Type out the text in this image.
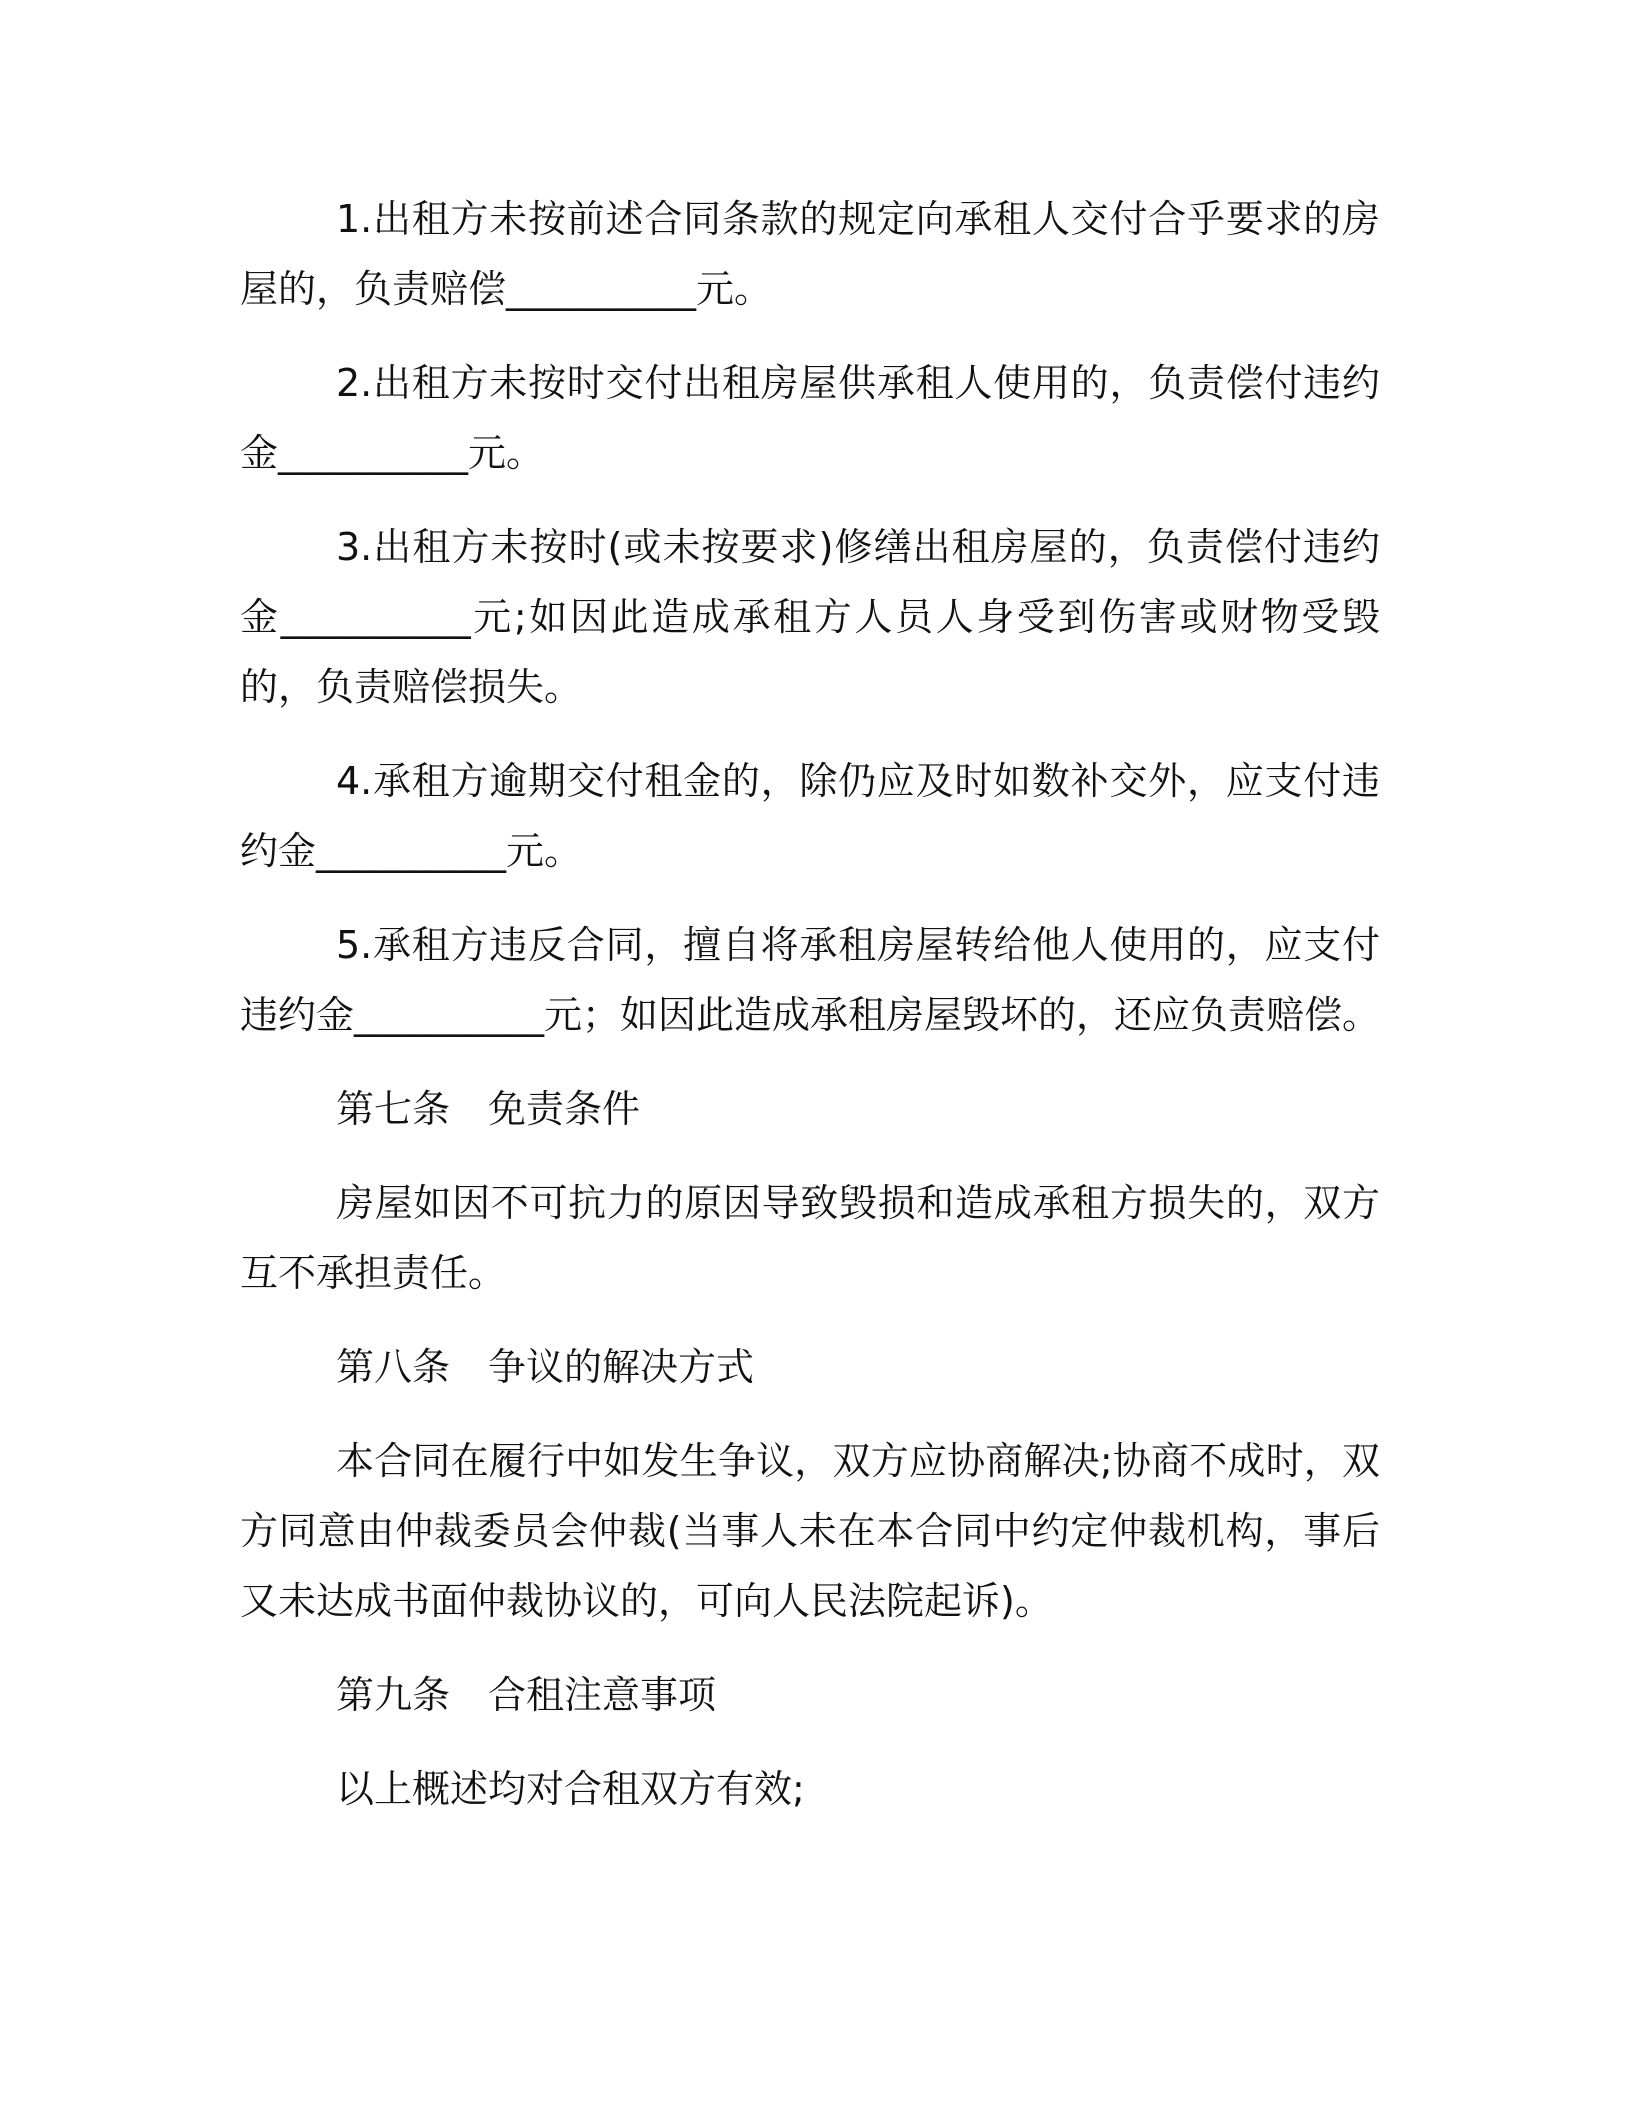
1.出租方未按前述合同条款的规定向承租人交付合乎要求的房屋的，负责赔偿__________元。

2.出租方未按时交付出租房屋供承租人使用的，负责偿付违约金__________元。

3.出租方未按时(或未按要求)修缮出租房屋的，负责偿付违约金__________元;如因此造成承租方人员人身受到伤害或财物受毁的，负责赔偿损失。

4.承租方逾期交付租金的，除仍应及时如数补交外，应支付违约金__________元。

5.承租方违反合同，擅自将承租房屋转给他人使用的，应支付违约金__________元；如因此造成承租房屋毁坏的，还应负责赔偿。

第七条　免责条件

房屋如因不可抗力的原因导致毁损和造成承租方损失的，双方互不承担责任。

第八条　争议的解决方式

本合同在履行中如发生争议，双方应协商解决;协商不成时，双方同意由仲裁委员会仲裁(当事人未在本合同中约定仲裁机构，事后又未达成书面仲裁协议的，可向人民法院起诉)。

第九条　合租注意事项

以上概述均对合租双方有效;
